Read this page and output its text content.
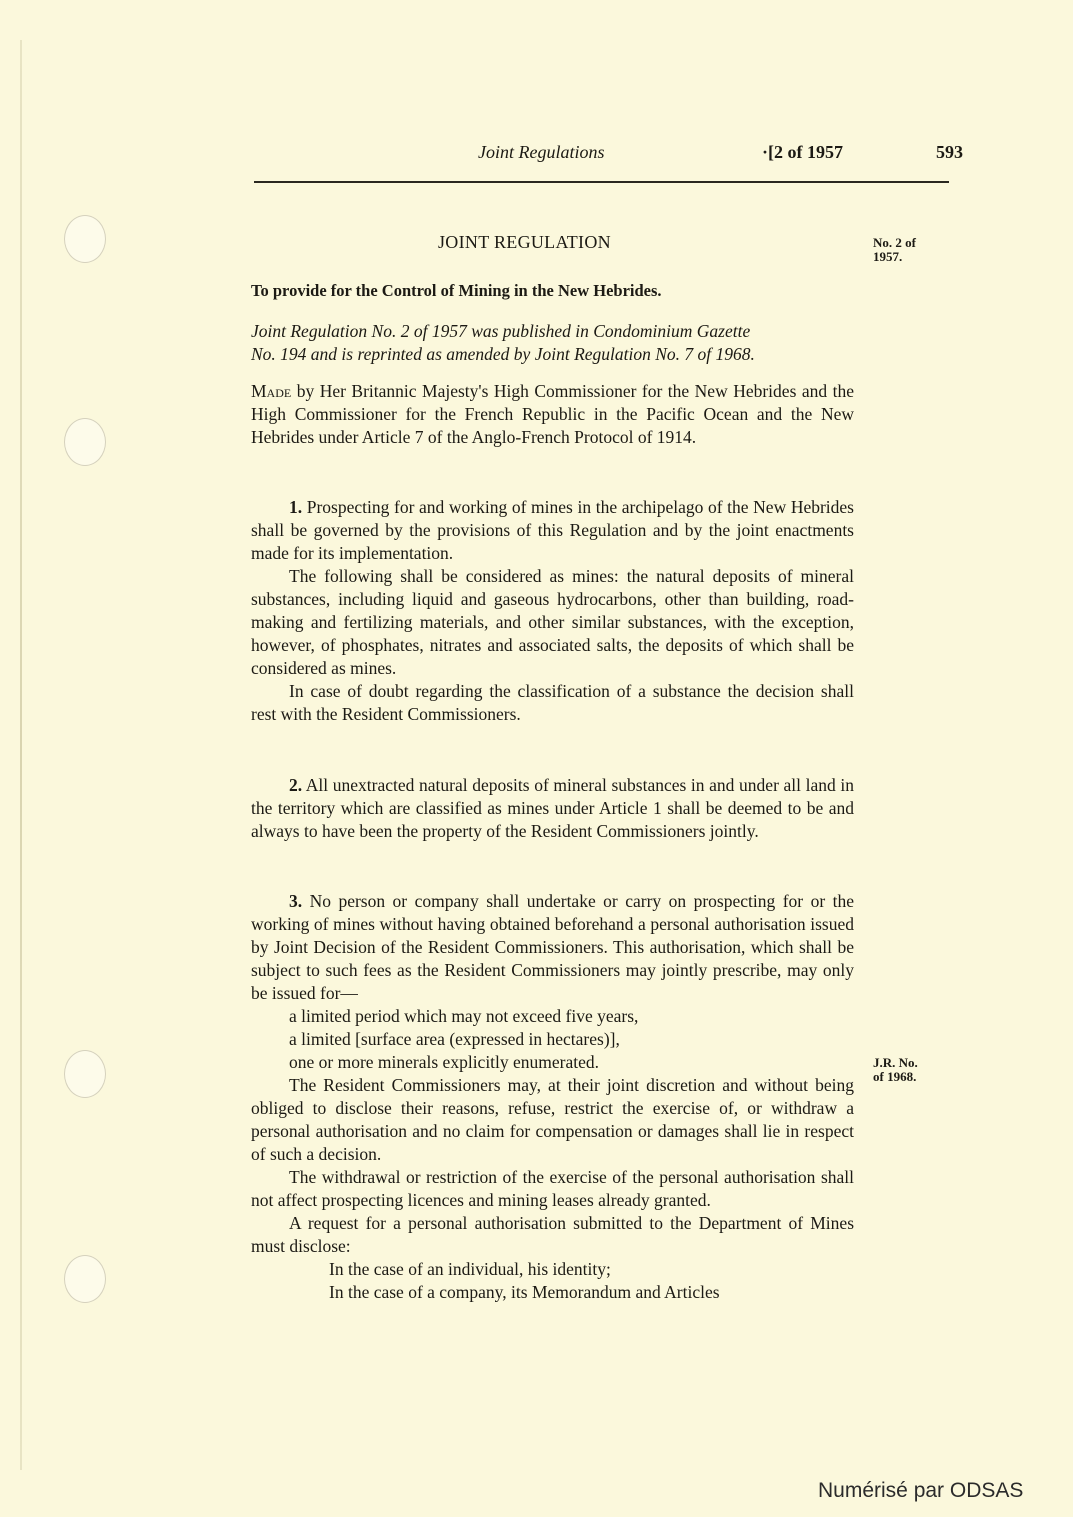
Joint Regulations	·[2 of 1957	593
JOINT REGULATION	No. 2 of
1957.
To provide for the Control of Mining in the New Hebrides.
Joint Regulation No. 2 of 1957 was published in Condominium Gazette
No. 194 and is reprinted as amended by Joint Regulation No. 7 of 1968.
Made by Her Britannic Majesty's High Commissioner for the New Hebrides and the High Commissioner for the French Republic in the Pacific Ocean and the New Hebrides under Article 7 of the Anglo-French Protocol of 1914.

1. Prospecting for and working of mines in the archipelago of the New Hebrides shall be governed by the provisions of this Regulation and by the joint enactments made for its implementation.

The following shall be considered as mines: the natural deposits of mineral substances, including liquid and gaseous hydrocarbons, other than building, road-making and fertilizing materials, and other similar substances, with the exception, however, of phosphates, nitrates and associated salts, the deposits of which shall be considered as mines.

In case of doubt regarding the classification of a substance the decision shall rest with the Resident Commissioners.

2. All unextracted natural deposits of mineral substances in and under all land in the territory which are classified as mines under Article 1 shall be deemed to be and always to have been the property of the Resident Commissioners jointly.

3. No person or company shall undertake or carry on prospecting for or the working of mines without having obtained beforehand a personal authorisation issued by Joint Decision of the Resident Commissioners. This authorisation, which shall be subject to such fees as the Resident Commissioners may jointly prescribe, may only be issued for—

a limited period which may not exceed five years,
a limited [surface area (expressed in hectares)],
one or more minerals explicitly enumerated.

The Resident Commissioners may, at their joint discretion and without being obliged to disclose their reasons, refuse, restrict the exercise of, or withdraw a personal authorisation and no claim for compensation or damages shall lie in respect of such a decision.

The withdrawal or restriction of the exercise of the personal authorisation shall not affect prospecting licences and mining leases already granted.

A request for a personal authorisation submitted to the Department of Mines must disclose:

In the case of an individual, his identity;
In the case of a company, its Memorandum and Articles
J.R. No.
of 1968.
Numérisé par ODSAS
